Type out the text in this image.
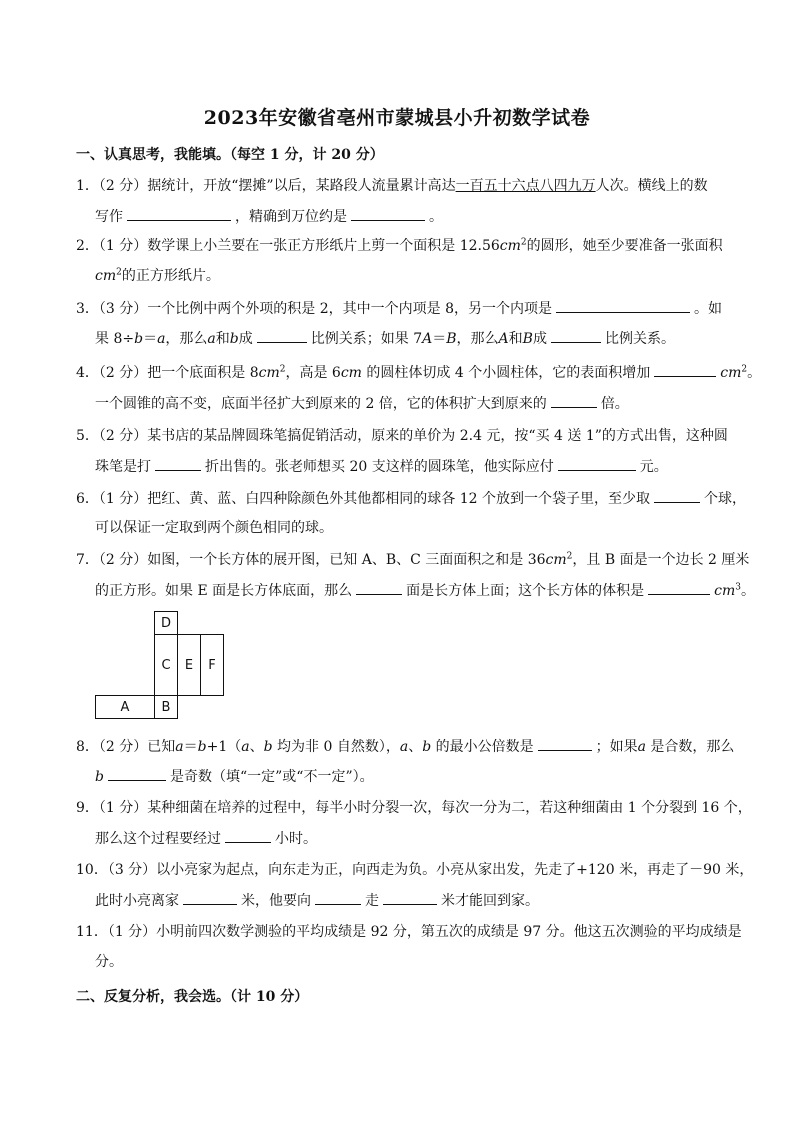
2023年安徽省亳州市蒙城县小升初数学试卷
一、认真思考，我能填。（每空 1 分，计 20 分）
1．（2 分）据统计，开放“摆摊”以后，某路段人流量累计高达一百五十六点八四九万人次。横线上的数
写作	，精确到万位约是	。
2．（1 分）数学课上小兰要在一张正方形纸片上剪一个面积是 $12.56cm^2$的圆形，她至少要准备一张面积
$cm^2$的正方形纸片。
3．（3 分）一个比例中两个外项的积是 2，其中一个内项是 8，另一个内项是	。如
果 8÷b＝a，那么a和b成	比例关系；如果 7A＝B，那么A和B成	比例关系。
4．（2 分）把一个底面积是 $8cm^2$，高是 6cm 的圆柱体切成 4 个小圆柱体，它的表面积增加	$cm^2$。
一个圆锥的高不变，底面半径扩大到原来的 2 倍，它的体积扩大到原来的	倍。
5．（2 分）某书店的某品牌圆珠笔搞促销活动，原来的单价为 2.4 元，按“买 4 送 1”的方式出售，这种圆
珠笔是打	折出售的。张老师想买 20 支这样的圆珠笔，他实际应付	元。
6．（1 分）把红、黄、蓝、白四种除颜色外其他都相同的球各 12 个放到一个袋子里，至少取	个球，
可以保证一定取到两个颜色相同的球。
7．（2 分）如图，一个长方体的展开图，已知 A、B、C 三面面积之和是 $36cm^2$，且 B 面是一个边长 2 厘米
的正方形。如果 E 面是长方体底面，那么	面是长方体上面；这个长方体的体积是	$cm^3$。
D
C	E	F
A	B
8．（2 分）已知a＝b+1（a、b 均为非 0 自然数），a、b 的最小公倍数是	；如果a 是合数，那么
b	是奇数（填“一定”或“不一定”）。
9．（1 分）某种细菌在培养的过程中，每半小时分裂一次，每次一分为二，若这种细菌由 1 个分裂到 16 个，
那么这个过程要经过	小时。
10．（3 分）以小亮家为起点，向东走为正，向西走为负。小亮从家出发，先走了+120 米，再走了－90 米，
此时小亮离家	米，他要向	走	米才能回到家。
11．（1 分）小明前四次数学测验的平均成绩是 92 分，第五次的成绩是 97 分。他这五次测验的平均成绩是
分。
二、反复分析，我会选。（计 10 分）
